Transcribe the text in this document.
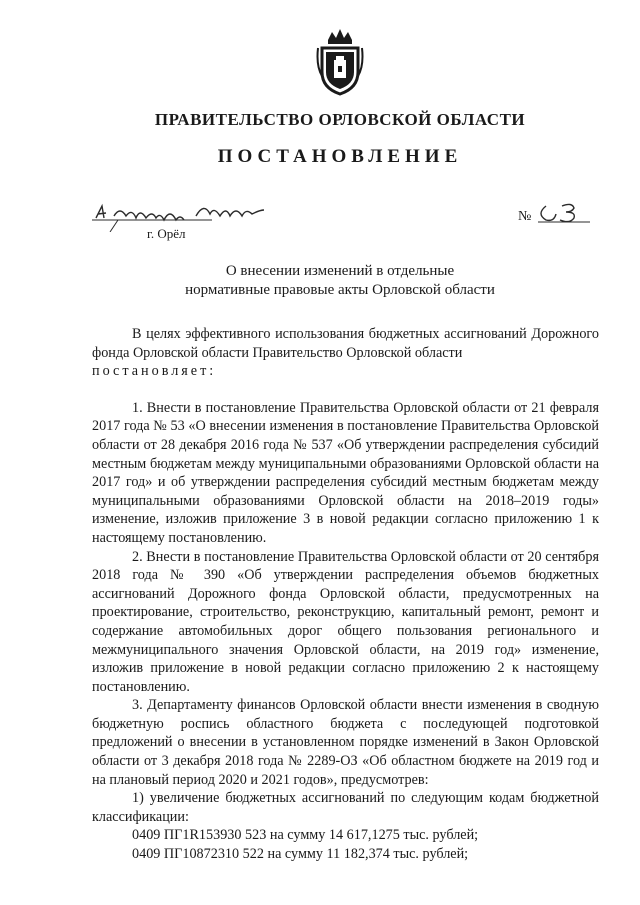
ПРАВИТЕЛЬСТВО ОРЛОВСКОЙ ОБЛАСТИ
ПОСТАНОВЛЕНИЕ
г. Орёл
№
О внесении изменений в отдельные
нормативные правовые акты Орловской области

В целях эффективного использования бюджетных ассигнований Дорожного фонда Орловской области Правительство Орловской области

постановляет:

1. Внести в постановление Правительства Орловской области от 21 февраля 2017 года № 53 «О внесении изменения в постановление Правительства Орловской области от 28 декабря 2016 года № 537 «Об утверждении распределения субсидий местным бюджетам между муниципальными образованиями Орловской области на 2017 год» и об утверждении распределения субсидий местным бюджетам между муниципальными образованиями Орловской области на 2018–2019 годы» изменение, изложив приложение 3 в новой редакции согласно приложению 1 к настоящему постановлению.

2. Внести в постановление Правительства Орловской области от 20 сентября 2018 года № 390 «Об утверждении распределения объемов бюджетных ассигнований Дорожного фонда Орловской области, предусмотренных на проектирование, строительство, реконструкцию, капитальный ремонт, ремонт и содержание автомобильных дорог общего пользования регионального и межмуниципального значения Орловской области, на 2019 год» изменение, изложив приложение в новой редакции согласно приложению 2 к настоящему постановлению.

3. Департаменту финансов Орловской области внести изменения в сводную бюджетную роспись областного бюджета с последующей подготовкой предложений о внесении в установленном порядке изменений в Закон Орловской области от 3 декабря 2018 года № 2289-ОЗ «Об областном бюджете на 2019 год и на плановый период 2020 и 2021 годов», предусмотрев:

1) увеличение бюджетных ассигнований по следующим кодам бюджетной классификации:

0409 ПГ1R153930 523 на сумму 14 617,1275 тыс. рублей;

0409 ПГ10872310 522 на сумму 11 182,374 тыс. рублей;
